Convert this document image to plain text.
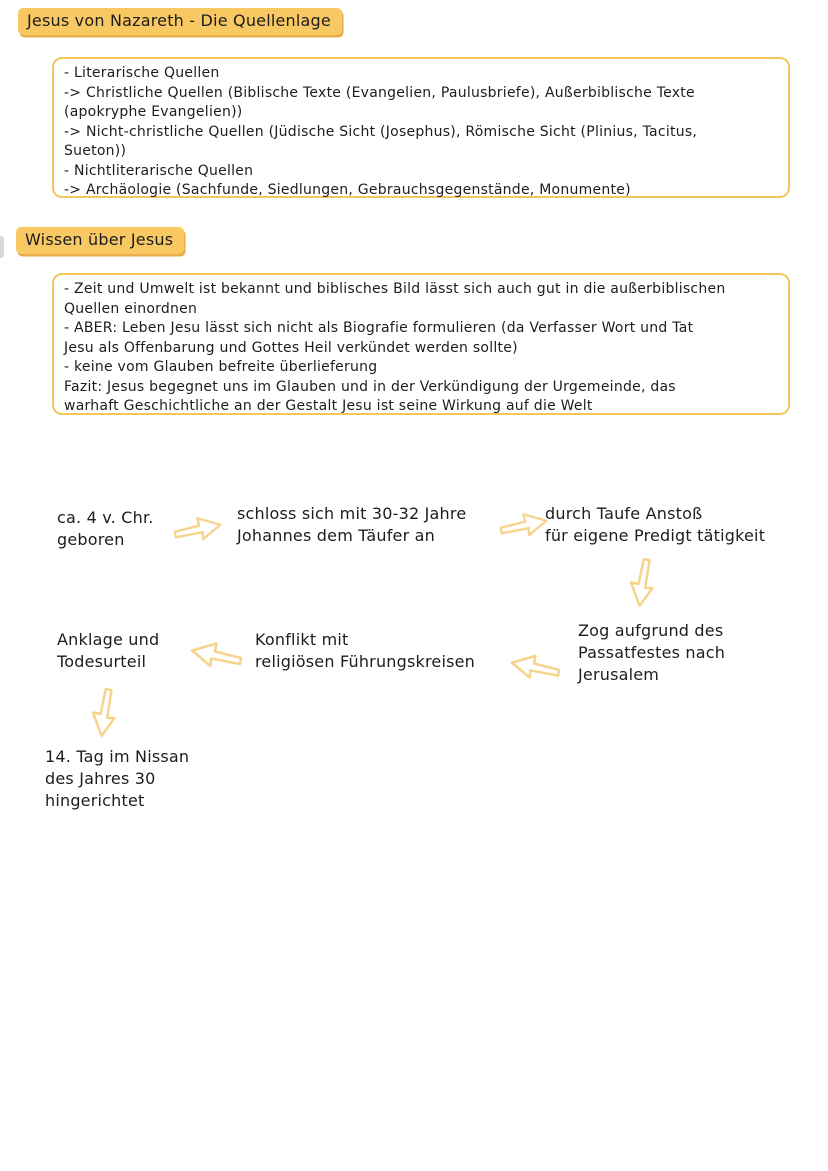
Jesus von Nazareth - Die Quellenlage
- Literarische Quellen
-> Christliche Quellen (Biblische Texte (Evangelien, Paulusbriefe), Außerbiblische Texte
(apokryphe Evangelien))
-> Nicht-christliche Quellen (Jüdische Sicht (Josephus), Römische Sicht (Plinius, Tacitus,
Sueton))
- Nichtliterarische Quellen
-> Archäologie (Sachfunde, Siedlungen, Gebrauchsgegenstände, Monumente)
Wissen über Jesus
- Zeit und Umwelt ist bekannt und biblisches Bild lässt sich auch gut in die außerbiblischen
Quellen einordnen
- ABER: Leben Jesu lässt sich nicht als Biografie formulieren (da Verfasser Wort und Tat
Jesu als Offenbarung und Gottes Heil verkündet werden sollte)
- keine vom Glauben befreite überlieferung
Fazit: Jesus begegnet uns im Glauben und in der Verkündigung der Urgemeinde, das
warhaft Geschichtliche an der Gestalt Jesu ist seine Wirkung auf die Welt
ca. 4 v. Chr.
geboren
schloss sich mit 30-32 Jahre
Johannes dem Täufer an
durch Taufe Anstoß
für eigene Predigt tätigkeit
Anklage und
Todesurteil
Konflikt mit
religiösen Führungskreisen
Zog aufgrund des
Passatfestes nach
Jerusalem
14. Tag im Nissan
des Jahres 30
hingerichtet
